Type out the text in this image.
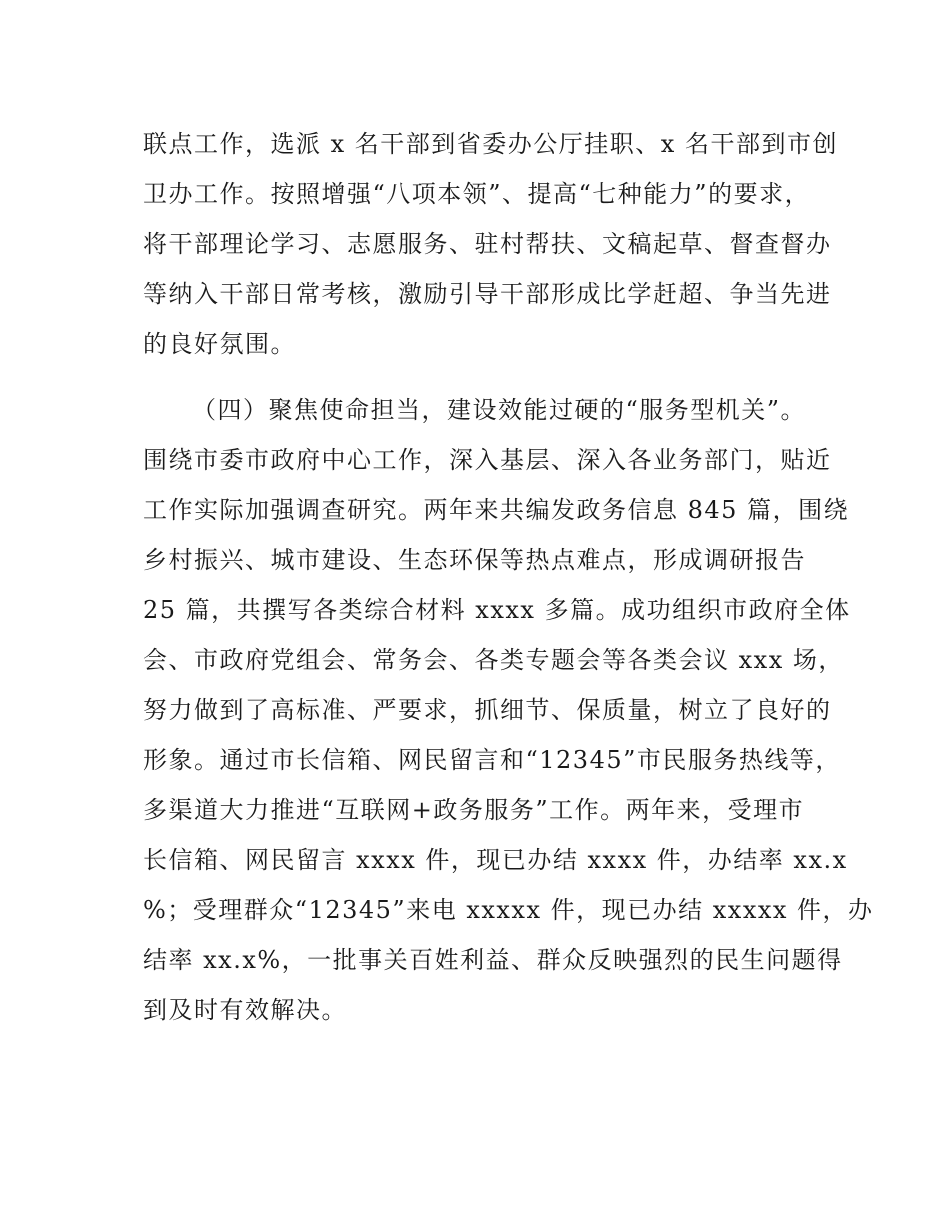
联点工作，选派 x 名干部到省委办公厅挂职、x 名干部到市创
卫办工作。按照增强“八项本领”、提高“七种能力”的要求，
将干部理论学习、志愿服务、驻村帮扶、文稿起草、督查督办
等纳入干部日常考核，激励引导干部形成比学赶超、争当先进
的良好氛围。
（四）聚焦使命担当，建设效能过硬的“服务型机关”。
围绕市委市政府中心工作，深入基层、深入各业务部门，贴近
工作实际加强调查研究。两年来共编发政务信息 845 篇，围绕
乡村振兴、城市建设、生态环保等热点难点，形成调研报告
25 篇，共撰写各类综合材料 xxxx 多篇。成功组织市政府全体
会、市政府党组会、常务会、各类专题会等各类会议 xxx 场，
努力做到了高标准、严要求，抓细节、保质量，树立了良好的
形象。通过市长信箱、网民留言和“12345”市民服务热线等，
多渠道大力推进“互联网+政务服务”工作。两年来，受理市
长信箱、网民留言 xxxx 件，现已办结 xxxx 件，办结率 xx.x
%；受理群众“12345”来电 xxxxx 件，现已办结 xxxxx 件，办
结率 xx.x%，一批事关百姓利益、群众反映强烈的民生问题得
到及时有效解决。
